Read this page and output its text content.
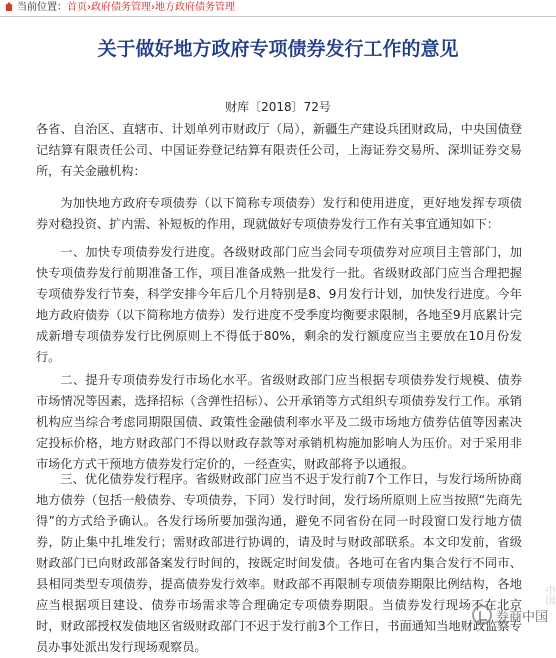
当前位置：首页›政府债务管理›地方政府债务管理
关于做好地方政府专项债券发行工作的意见
财库〔2018〕72号

各省、自治区、直辖市、计划单列市财政厅（局），新疆生产建设兵团财政局，中央国债登记结算有限责任公司、中国证券登记结算有限责任公司，上海证券交易所、深圳证券交易所，有关金融机构：

为加快地方政府专项债券（以下简称专项债券）发行和使用进度，更好地发挥专项债券对稳投资、扩内需、补短板的作用，现就做好专项债券发行工作有关事宜通知如下：

一、加快专项债券发行进度。各级财政部门应当会同专项债券对应项目主管部门，加快专项债券发行前期准备工作，项目准备成熟一批发行一批。省级财政部门应当合理把握专项债券发行节奏，科学安排今年后几个月特别是8、9月发行计划，加快发行进度。今年地方政府债券（以下简称地方债券）发行进度不受季度均衡要求限制，各地至9月底累计完成新增专项债券发行比例原则上不得低于80%，剩余的发行额度应当主要放在10月份发行。

二、提升专项债券发行市场化水平。省级财政部门应当根据专项债券发行规模、债券市场情况等因素，选择招标（含弹性招标）、公开承销等方式组织专项债券发行工作。承销机构应当综合考虑同期限国债、政策性金融债利率水平及二级市场地方债券估值等因素决定投标价格，地方财政部门不得以财政存款等对承销机构施加影响人为压价。对于采用非市场化方式干预地方债券发行定价的，一经查实，财政部将予以通报。

三、优化债券发行程序。省级财政部门应当不迟于发行前7个工作日，与发行场所协商地方债券（包括一般债券、专项债券，下同）发行时间，发行场所原则上应当按照“先商先得”的方式给予确认。各发行场所要加强沟通，避免不同省份在同一时段窗口发行地方债券，防止集中扎堆发行；需财政部进行协调的，请及时与财政部联系。本文印发前，省级财政部门已向财政部备案发行时间的，按既定时间发债。各地可在省内集合发行不同市、县相同类型专项债券，提高债券发行效率。财政部不再限制专项债券期限比例结构，各地应当根据项目建设、债券市场需求等合理确定专项债券期限。当债券发行现场不在北京时，财政部授权发债地区省级财政部门不迟于发行前3个工作日，书面通知当地财政监察专员办事处派出发行现场观察员。

中国
券商中国
